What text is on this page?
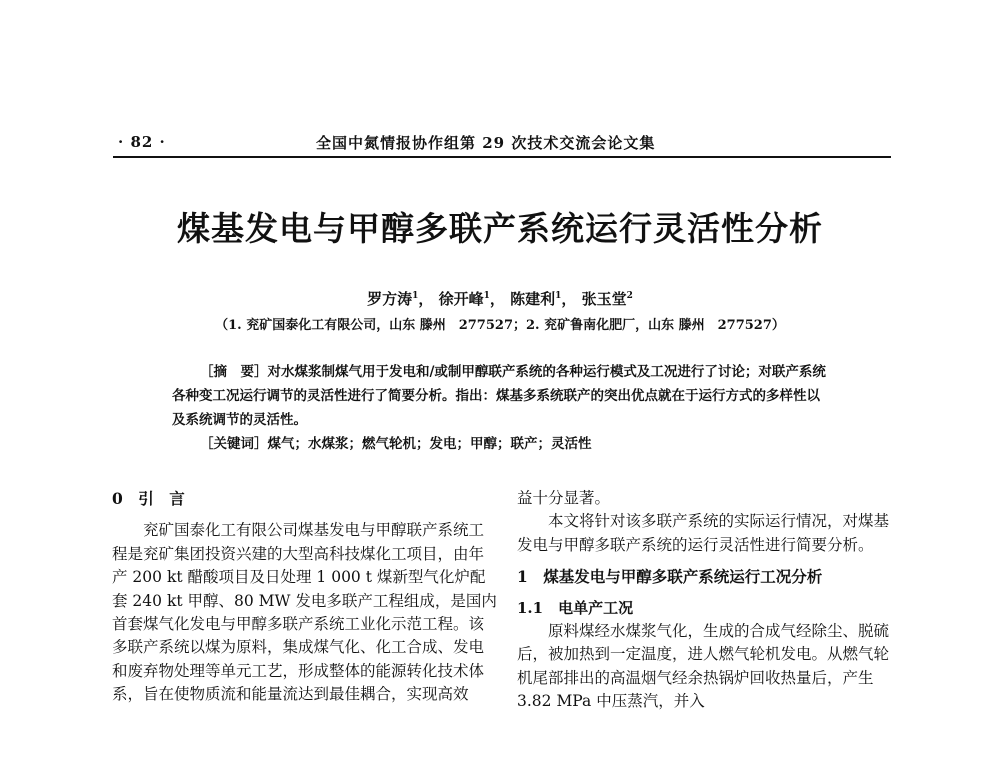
· 82 ·	全国中氮情报协作组第 29 次技术交流会论文集
煤基发电与甲醇多联产系统运行灵活性分析
罗方涛$^1$， 徐开峰$^1$， 陈建利$^1$， 张玉堂$^2$
（1. 兖矿国泰化工有限公司，山东 滕州　277527；2. 兖矿鲁南化肥厂，山东 滕州　277527）

［摘　要］对水煤浆制煤气用于发电和/或制甲醇联产系统的各种运行模式及工况进行了讨论；对联产系统各种变工况运行调节的灵活性进行了简要分析。指出：煤基多系统联产的突出优点就在于运行方式的多样性以及系统调节的灵活性。

［关键词］煤气；水煤浆；燃气轮机；发电；甲醇；联产；灵活性

0　引　言

兖矿国泰化工有限公司煤基发电与甲醇联产系统工程是兖矿集团投资兴建的大型高科技煤化工项目，由年产 200 kt 醋酸项目及日处理 1 000 t 煤新型气化炉配套 240 kt 甲醇、80 MW 发电多联产工程组成，是国内首套煤气化发电与甲醇多联产系统工业化示范工程。该多联产系统以煤为原料，集成煤气化、化工合成、发电和废弃物处理等单元工艺，形成整体的能源转化技术体系，旨在使物质流和能量流达到最佳耦合，实现高效

益十分显著。

本文将针对该多联产系统的实际运行情况，对煤基发电与甲醇多联产系统的运行灵活性进行简要分析。

1　煤基发电与甲醇多联产系统运行工况分析

1.1　电单产工况

原料煤经水煤浆气化，生成的合成气经除尘、脱硫后，被加热到一定温度，进人燃气轮机发电。从燃气轮机尾部排出的高温烟气经余热锅炉回收热量后，产生 3.82 MPa 中压蒸汽，并入
